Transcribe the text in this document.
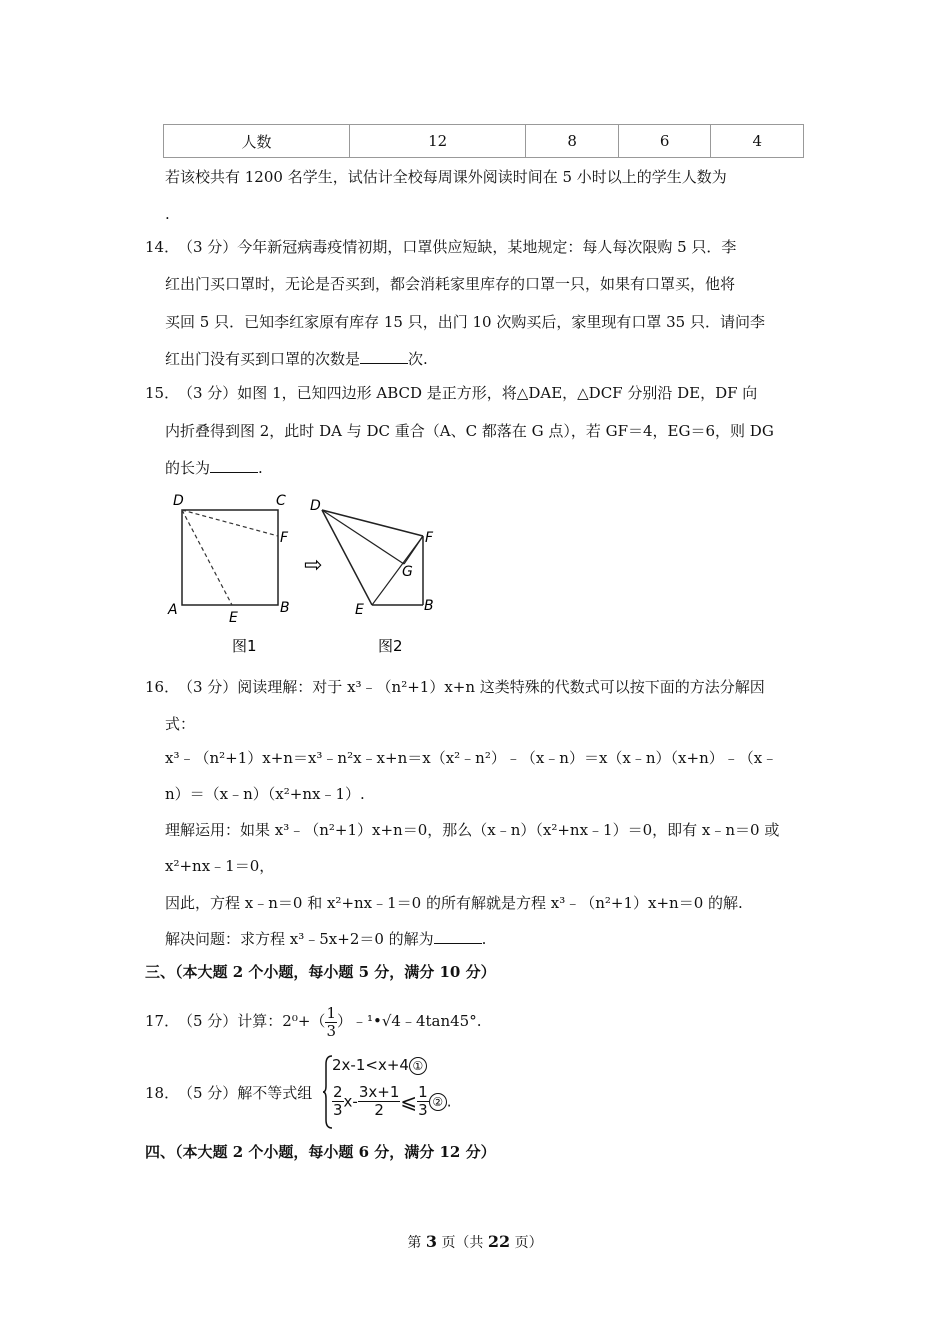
人数	12	8	6	4
若该校共有 1200 名学生，试估计全校每周课外阅读时间在 5 小时以上的学生人数为
.
14．
（3 分）今年新冠病毒疫情初期，口罩供应短缺，某地规定：每人每次限购 5 只．李
红出门买口罩时，无论是否买到，都会消耗家里库存的口罩一只，如果有口罩买，他将
买回 5 只．已知李红家原有库存 15 只，出门 10 次购买后，家里现有口罩 35 只．请问李
红出门没有买到口罩的次数是	次.
15．
（3 分）如图 1，已知四边形 ABCD 是正方形，将△DAE，△DCF 分别沿 DE，DF 向
内折叠得到图 2，此时 DA 与 DC 重合（A、C 都落在 G 点），若 GF＝4，EG＝6，则 DG
的长为	.
D	C
F
A	E
B
图1
⇨
D
F
G
E	B
图2
16．
（3 分）阅读理解：对于 x³﹣（n²+1）x+n 这类特殊的代数式可以按下面的方法分解因
式：
x³﹣（n²+1）x+n＝x³﹣n²x﹣x+n＝x（x²﹣n²）﹣（x﹣n）＝x（x﹣n）（x+n）﹣（x﹣
n）＝（x﹣n）（x²+nx﹣1）.
理解运用：如果 x³﹣（n²+1）x+n＝0，那么（x﹣n）（x²+nx﹣1）＝0，即有 x﹣n＝0 或
x²+nx﹣1＝0，
因此，方程 x﹣n＝0 和 x²+nx﹣1＝0 的所有解就是方程 x³﹣（n²+1）x+n＝0 的解.
解决问题：求方程 x³﹣5x+2＝0 的解为	.
三、（本大题 2 个小题，每小题 5 分，满分 10 分）
17．
（5 分）计算：$2^0+( \frac{1}{3}$ ）﹣¹•√4﹣4tan45°.
18．
（5 分）解不等式组
2x-1<x+4 ①
$\frac{2}{3} x- \frac{3x+1}{2}$ ⩽ $\frac{1}{3}$ ② .
四、（本大题 2 个小题，每小题 6 分，满分 12 分）
第 3 页（共 22 页）
